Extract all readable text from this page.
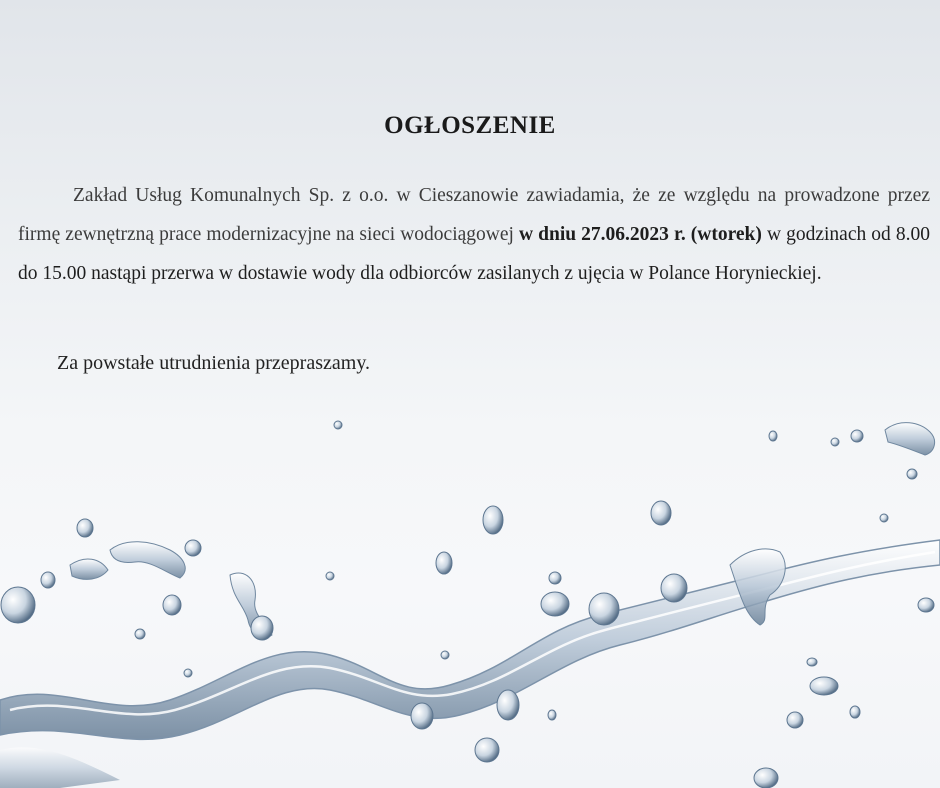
OGŁOSZENIE
Zakład Usług Komunalnych Sp. z o.o. w Cieszanowie zawiadamia, że ze względu na prowadzone przez firmę zewnętrzną prace modernizacyjne na sieci wodociągowej w dniu 27.06.2023 r. (wtorek) w godzinach od 8.00 do 15.00 nastąpi przerwa w dostawie wody dla odbiorców zasilanych z ujęcia w Polance Horynieckiej.
Za powstałe utrudnienia przepraszamy.
